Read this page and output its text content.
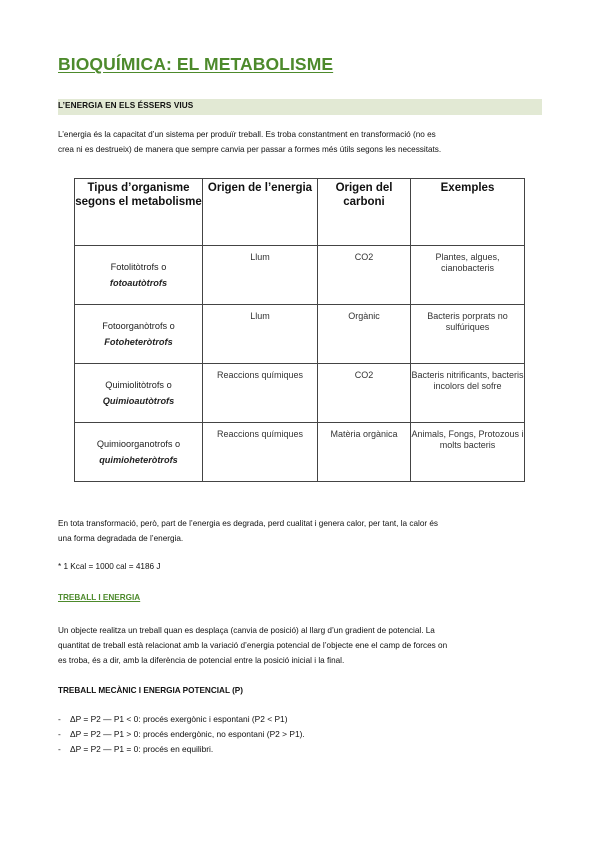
BIOQUÍMICA: EL METABOLISME
L’ENERGIA EN ELS ÉSSERS VIUS
L’energia és la capacitat d’un sistema per produïr treball. Es troba constantment en transformació (no es
crea ni es destrueix) de manera que sempre canvia per passar a formes més útils segons les necessitats.
Tipus d’organisme segons el metabolisme	Origen de l’energia	Origen del carboni	Exemples

Fotolitòtrofs o
fotoautòtrofs	Llum	CO2	Plantes, algues, cianobacteris

Fotoorganòtrofs o
Fotoheteròtrofs	Llum	Orgànic	Bacteris porprats no sulfúriques

Quimiolitòtrofs o
Quimioautòtrofs	Reaccions químiques	CO2	Bacteris nitrificants, bacteris incolors del sofre

Quimioorganotrofs o
quimioheteròtrofs	Reaccions químiques	Matèria orgànica	Animals, Fongs, Protozous i molts bacteris
En tota transformació, però, part de l’energia es degrada, perd cualitat i genera calor, per tant, la calor és
una forma degradada de l’energia.
* 1 Kcal = 1000 cal = 4186 J
TREBALL I ENERGIA
Un objecte realitza un treball quan es desplaça (canvia de posició) al llarg d’un gradient de potencial. La
quantitat de treball està relacionat amb la variació d’energia potencial de l’objecte ene el camp de forces on
es troba, és a dir, amb la diferència de potencial entre la posició inicial i la final.
TREBALL MECÀNIC I ENERGIA POTENCIAL (P)
-	ΔP = P2 — P1 < 0: procés exergònic i espontani (P2 < P1)
-	ΔP = P2 — P1 > 0: procés endergònic, no espontani (P2 > P1).
-	ΔP = P2 — P1 = 0: procés en equilibri.
